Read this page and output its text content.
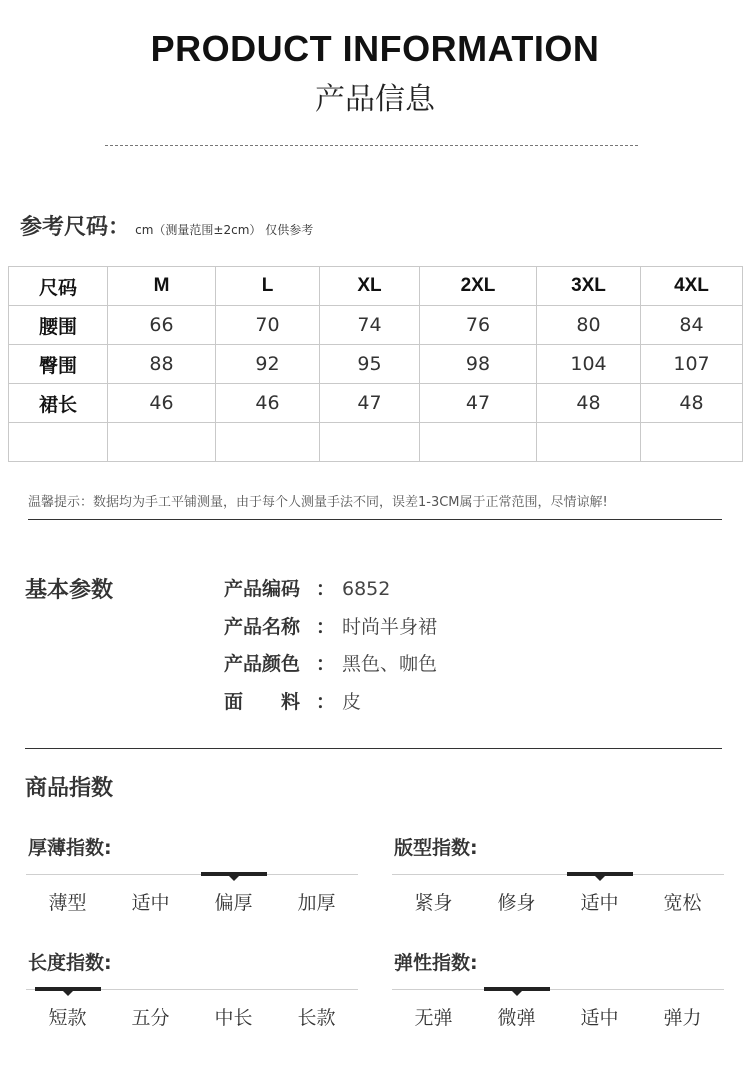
PRODUCT INFORMATION
产品信息
参考尺码： cm（测量范围±2cm） 仅供参考
尺码	M	L	XL	2XL	3XL	4XL
腰围	66	70	74	76	80	84
臀围	88	92	95	98	104	107
裙长	46	46	47	47	48	48

温馨提示：数据均为手工平铺测量，由于每个人测量手法不同，误差1-3CM属于正常范围，尽情谅解!
基本参数	产品编码 ： 6852
产品名称 ： 时尚半身裙
产品颜色 ： 黑色、咖色
面　　料 ： 皮
商品指数
厚薄指数:
薄型	适中	偏厚	加厚
版型指数:
紧身	修身	适中	宽松
长度指数:
短款	五分	中长	长款
弹性指数:
无弹	微弹	适中	弹力
